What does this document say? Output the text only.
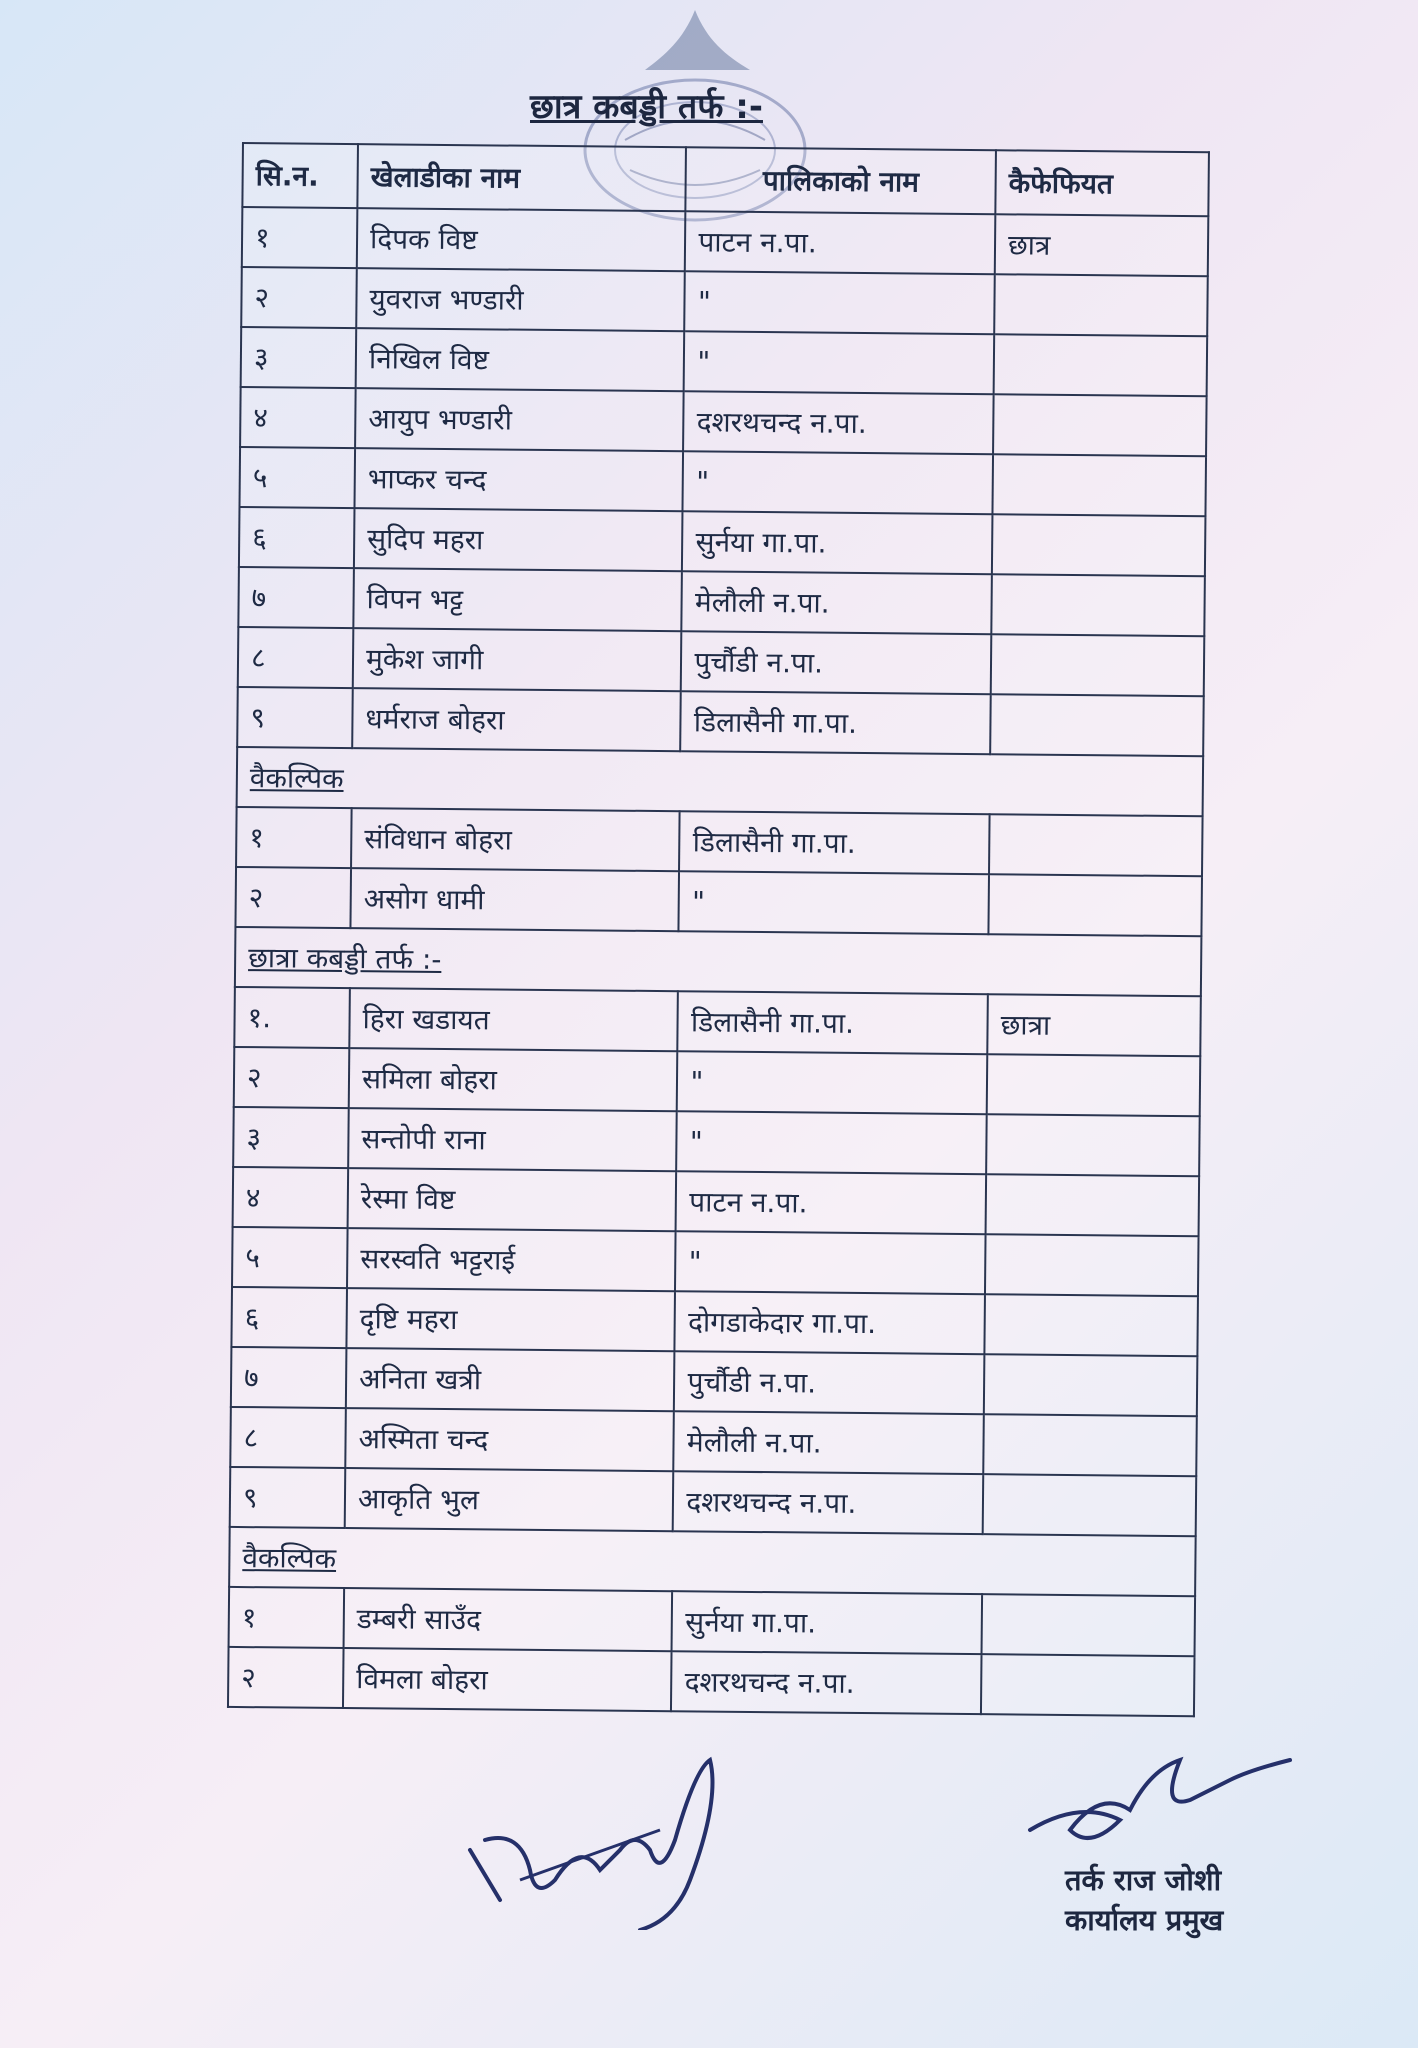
छात्र कबड्डी तर्फ :-
सि.न.	खेलाडीका नाम	पालिकाको नाम	कैफेफियत
१	दिपक विष्ट	पाटन न.पा.	छात्र
२	युवराज भण्डारी	"	
३	निखिल विष्ट	"	
४	आयुप भण्डारी	दशरथचन्द न.पा.	
५	भाप्कर चन्द	"	
६	सुदिप महरा	सुर्नया गा.पा.	
७	विपन भट्ट	मेलौली न.पा.	
८	मुकेश जागी	पुर्चौडी न.पा.	
९	धर्मराज बोहरा	डिलासैनी गा.पा.	
वैकल्पिक			
१	संविधान बोहरा	डिलासैनी गा.पा.	
२	असोग धामी	"	
छात्रा कबड्डी तर्फ :-			
१.	हिरा खडायत	डिलासैनी गा.पा.	छात्रा
२	समिला बोहरा	"	
३	सन्तोपी राना	"	
४	रेस्मा विष्ट	पाटन न.पा.	
५	सरस्वति भट्टराई	"	
६	दृष्टि महरा	दोगडाकेदार गा.पा.	
७	अनिता खत्री	पुर्चौडी न.पा.	
८	अस्मिता चन्द	मेलौली न.पा.	
९	आकृति भुल	दशरथचन्द न.पा.	
वैकल्पिक			
१	डम्बरी साउँद	सुर्नया गा.पा.	
२	विमला बोहरा	दशरथचन्द न.पा.	
तर्क राज जोशी
कार्यालय प्रमुख
